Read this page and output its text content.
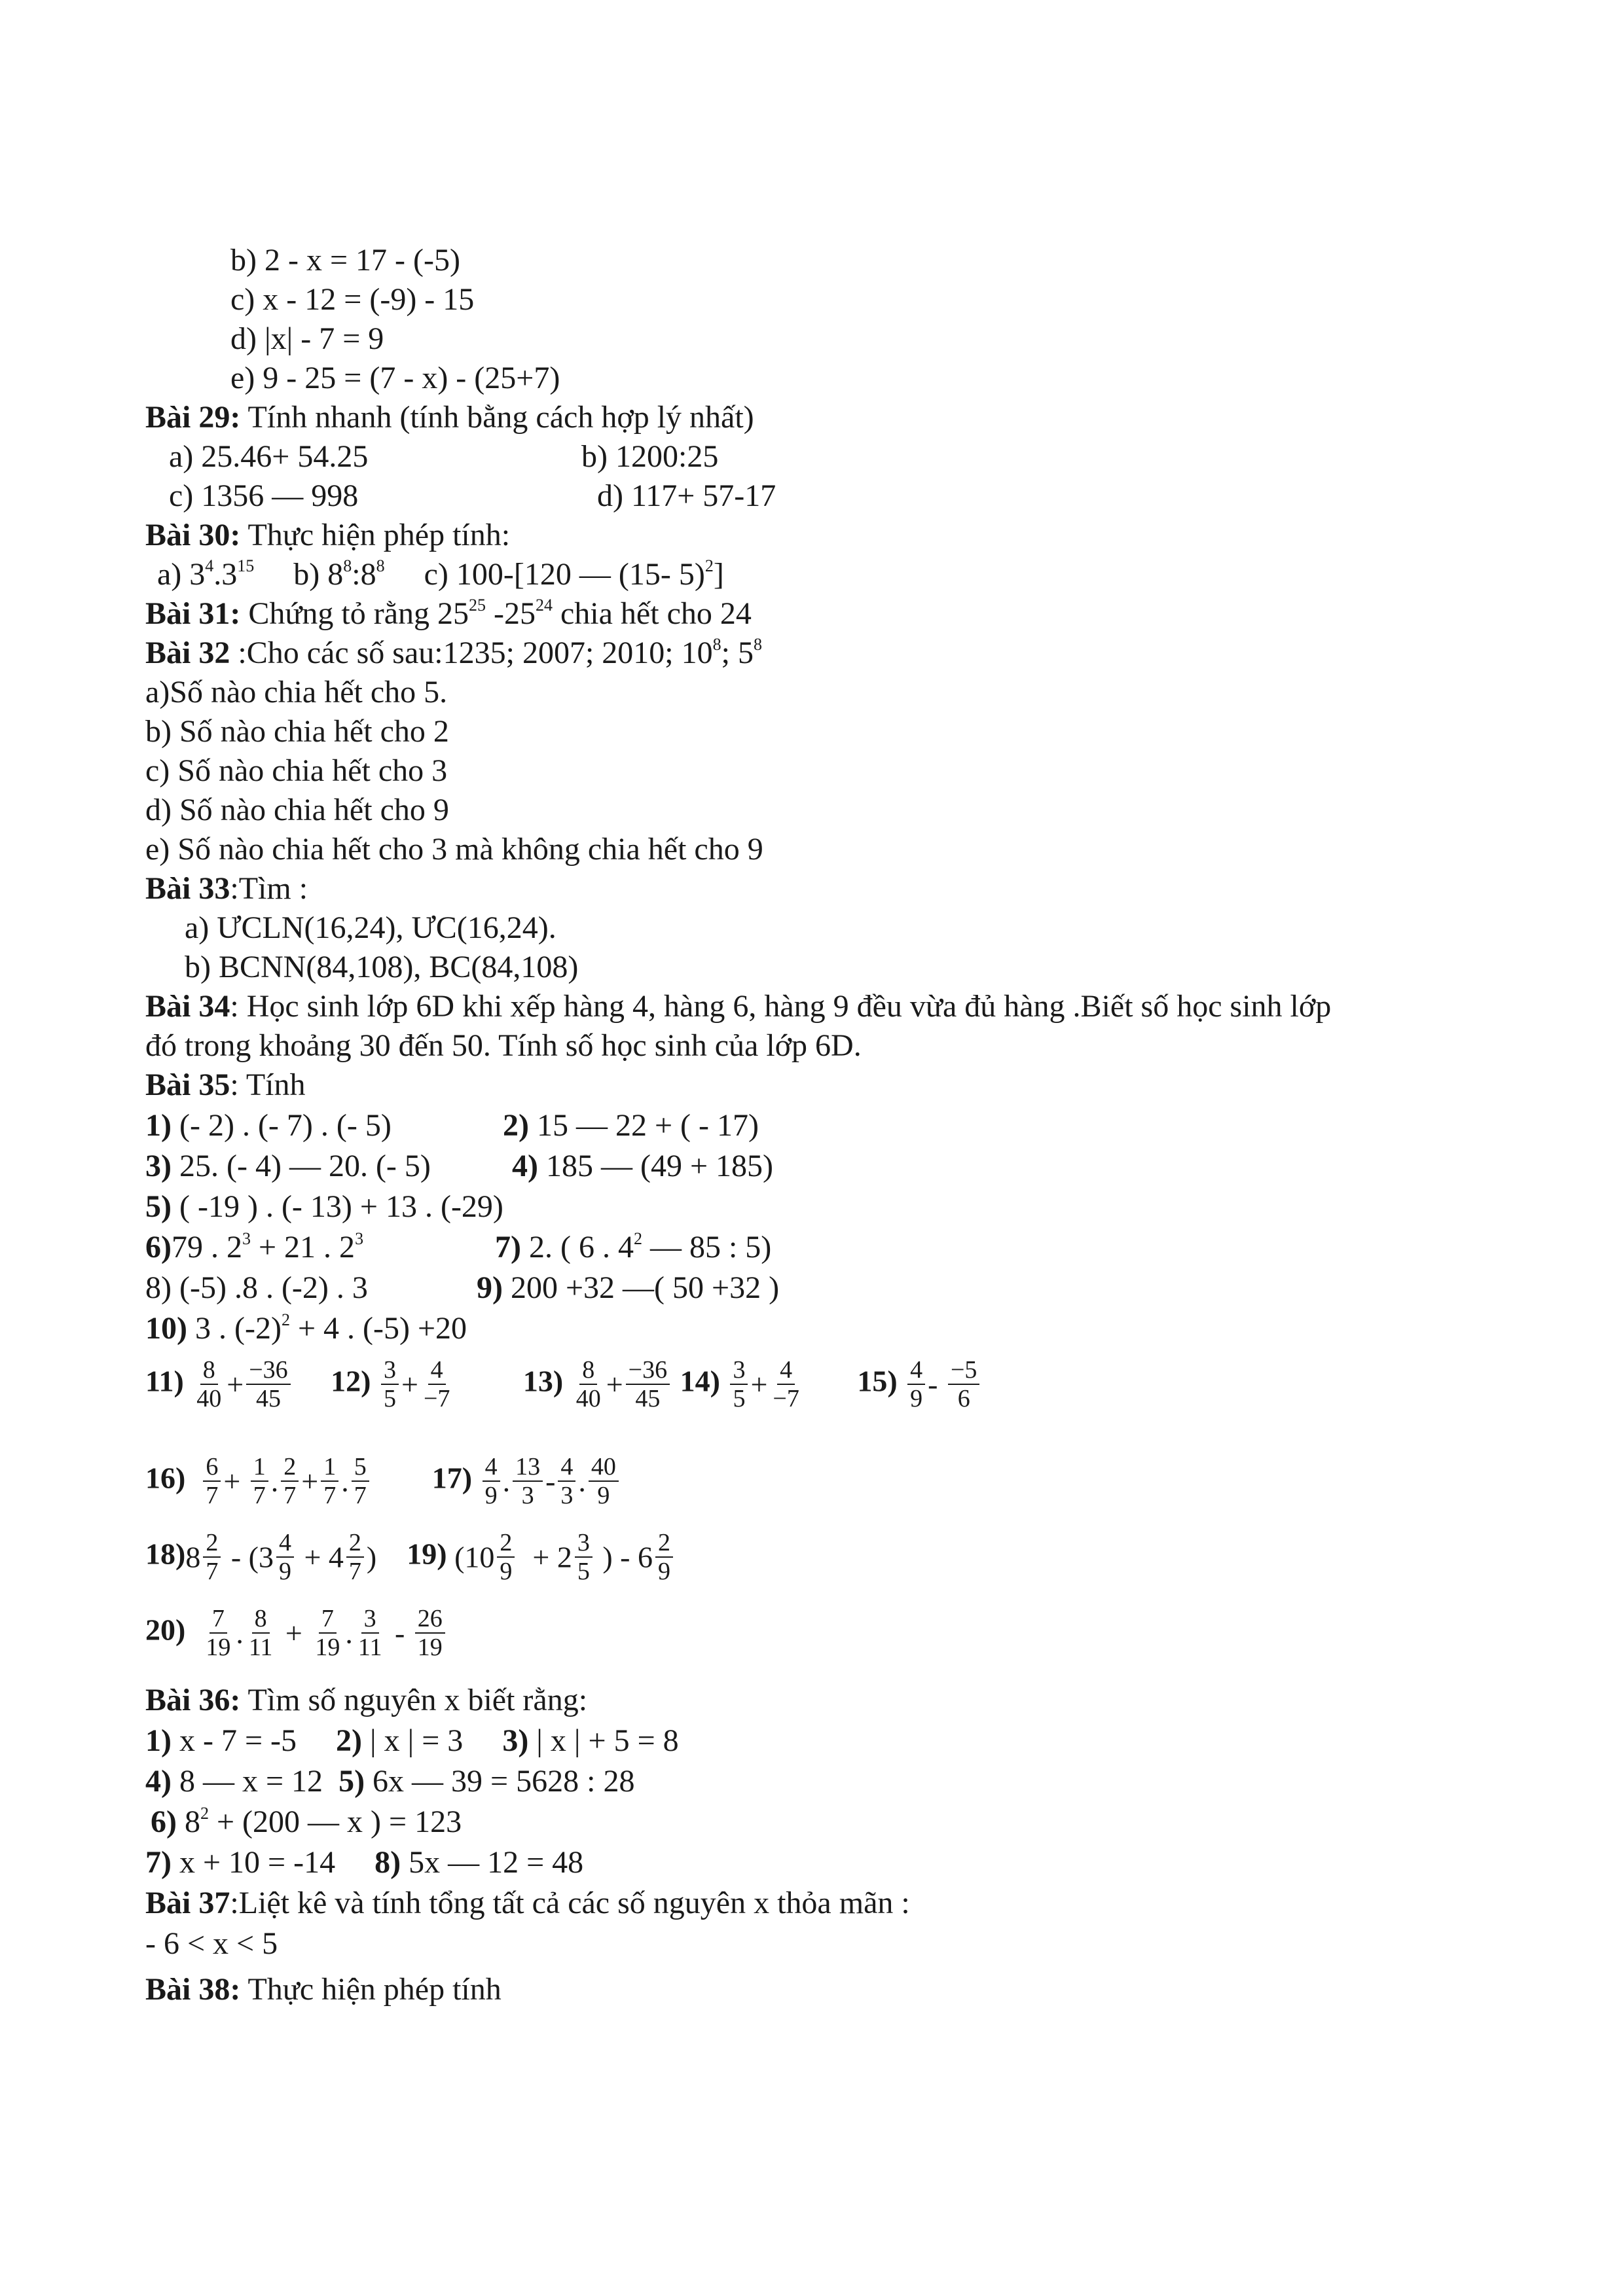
b) 2 - x = 17 - (-5)
c) x - 12 = (-9) - 15
d) |x| - 7 = 9
e) 9 - 25 = (7 - x) - (25+7)
Bài 29: Tính nhanh (tính bằng cách hợp lý nhất)
a) 25.46+ 54.25	b) 1200:25
c) 1356 — 998	d) 117+ 57-17
Bài 30: Thực hiện phép tính:
a) $3^4.3^{15}$ b) $8^8:8^8$ c) 100-[120 — (15- 5)$^2$]
Bài 31: Chứng tỏ rằng $25^{25}$ $-25^{24}$ chia hết cho 24
Bài 32 :Cho các số sau:1235; 2007; 2010; $10^8$; $5^8$
a)Số nào chia hết cho 5.
b) Số nào chia hết cho 2
c) Số nào chia hết cho 3
d) Số nào chia hết cho 9
e) Số nào chia hết cho 3 mà không chia hết cho 9
Bài 33:Tìm :
a) ƯCLN(16,24), ƯC(16,24).
b) BCNN(84,108), BC(84,108)
Bài 34: Học sinh lớp 6D khi xếp hàng 4, hàng 6, hàng 9 đều vừa đủ hàng .Biết số học sinh lớp
đó trong khoảng 30 đến 50. Tính số học sinh của lớp 6D.
Bài 35: Tính
1) (- 2) . (- 7) . (- 5)	2) 15 — 22 + ( - 17)
3) 25. (- 4) — 20. (- 5)	4) 185 — (49 + 185)
5) ( -19 ) . (- 13) + 13 . (-29)
6)79 . $2^3 + 21$ . $2^3$	7) 2. ( 6 . $4^2$ — 85 : 5)
8) (-5) .8 . (-2) . 3	9) 200 +32 —( 50 +32 )
10) 3 . $(-2)^2 + 4$ . (-5) +20
$11) \frac{8}{40} + \frac{-36}{45} 12) \frac{3}{5} + \frac{4}{-7} 13) \frac{8}{40} + \frac{-36}{45} 14) \frac{3}{5} + \frac{4}{-7} 15) \frac{4}{9} - \frac{-5}{6}$
$16) \frac{6}{7} + \frac{1}{7}$ . $\frac{2}{7} + \frac{1}{7}$ . $\frac{5}{7} 17) \frac{4}{9}$ . $\frac{13}{3} - \frac{4}{3}$ . $\frac{40}{9}$
$18)8 \frac{2}{7} - (3 \frac{4}{9} + 4 \frac{2}{7}$ ) 19) ($10 \frac{2}{9} + 2 \frac{3}{5}$ ) - $6 \frac{2}{9}$
$20) \frac{7}{19}$ . $\frac{8}{11} + \frac{7}{19}$ . $\frac{3}{11} - \frac{26}{19}$
Bài 36: Tìm số nguyên x biết rằng:
1) x - 7 = -5 2) | x | = 3 3) | x | + 5 = 8
4) 8 — x = 12 5) 6x — 39 = 5628 : 28
6) $8^2 + (200$ — x ) = 123
7) x + 10 = -14 8) 5x — 12 = 48
Bài 37:Liệt kê và tính tổng tất cả các số nguyên x thỏa mãn :
- 6 < x < 5
Bài 38: Thực hiện phép tính
